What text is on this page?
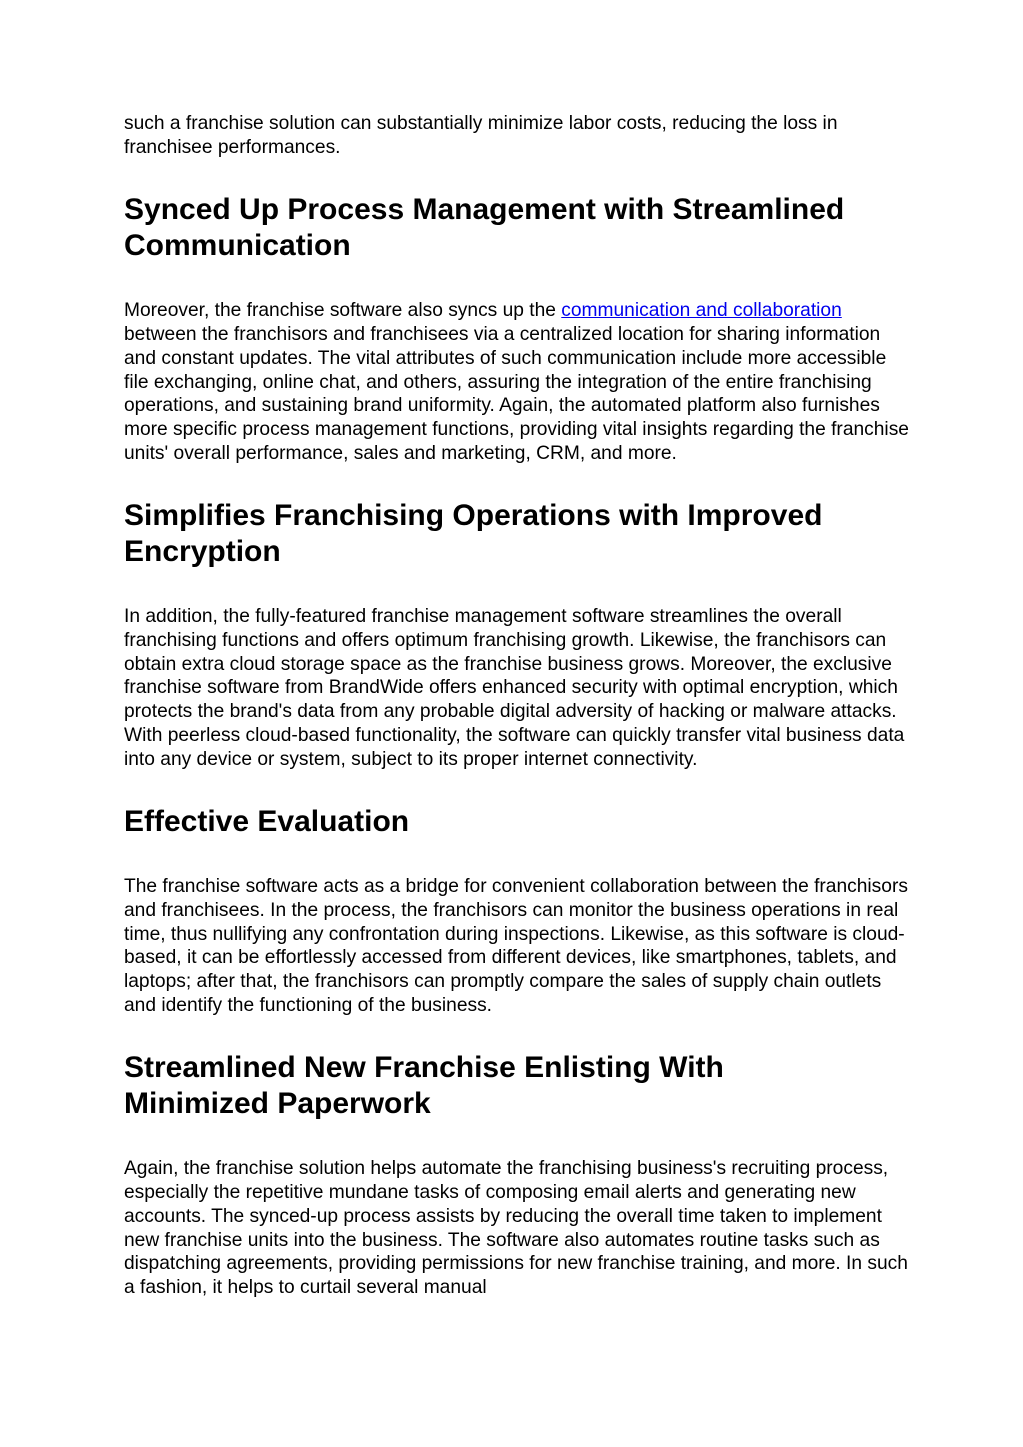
such a franchise solution can substantially minimize labor costs, reducing the loss in franchisee performances.

Synced Up Process Management with Streamlined Communication

Moreover, the franchise software also syncs up the communication and collaboration between the franchisors and franchisees via a centralized location for sharing information and constant updates. The vital attributes of such communication include more accessible file exchanging, online chat, and others, assuring the integration of the entire franchising operations, and sustaining brand uniformity. Again, the automated platform also furnishes more specific process management functions, providing vital insights regarding the franchise units' overall performance, sales and marketing, CRM, and more.

Simplifies Franchising Operations with Improved Encryption

In addition, the fully-featured franchise management software streamlines the overall franchising functions and offers optimum franchising growth. Likewise, the franchisors can obtain extra cloud storage space as the franchise business grows. Moreover, the exclusive franchise software from BrandWide offers enhanced security with optimal encryption, which protects the brand's data from any probable digital adversity of hacking or malware attacks. With peerless cloud-based functionality, the software can quickly transfer vital business data into any device or system, subject to its proper internet connectivity.

Effective Evaluation

The franchise software acts as a bridge for convenient collaboration between the franchisors and franchisees. In the process, the franchisors can monitor the business operations in real time, thus nullifying any confrontation during inspections. Likewise, as this software is cloud-based, it can be effortlessly accessed from different devices, like smartphones, tablets, and laptops; after that, the franchisors can promptly compare the sales of supply chain outlets and identify the functioning of the business.

Streamlined New Franchise Enlisting With Minimized Paperwork

Again, the franchise solution helps automate the franchising business's recruiting process, especially the repetitive mundane tasks of composing email alerts and generating new accounts. The synced-up process assists by reducing the overall time taken to implement new franchise units into the business. The software also automates routine tasks such as dispatching agreements, providing permissions for new franchise training, and more. In such a fashion, it helps to curtail several manual
